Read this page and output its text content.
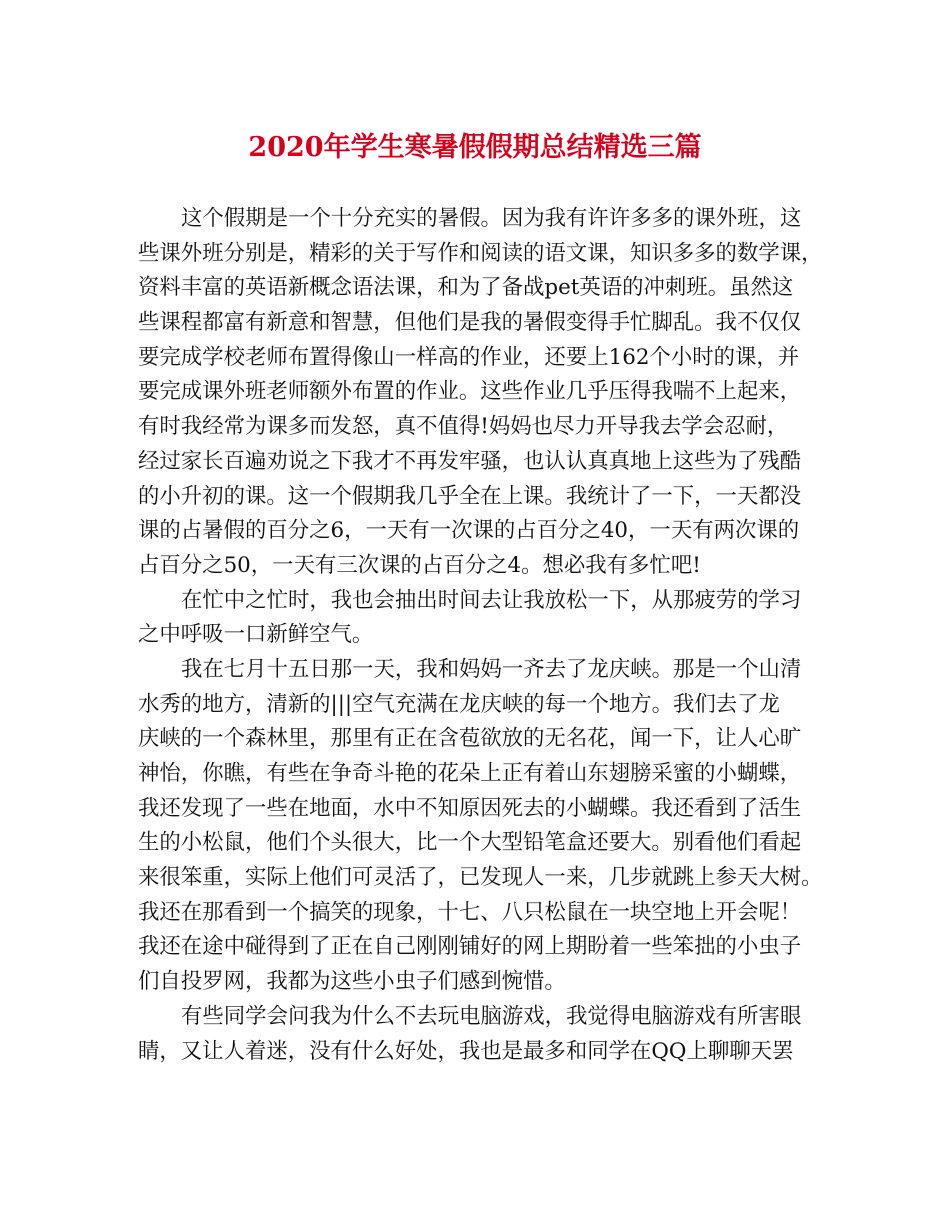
2020年学生寒暑假假期总结精选三篇
这个假期是一个十分充实的暑假。因为我有许许多多的课外班，这
些课外班分别是，精彩的关于写作和阅读的语文课，知识多多的数学课，
资料丰富的英语新概念语法课，和为了备战pet英语的冲刺班。虽然这
些课程都富有新意和智慧，但他们是我的暑假变得手忙脚乱。我不仅仅
要完成学校老师布置得像山一样高的作业，还要上162个小时的课，并
要完成课外班老师额外布置的作业。这些作业几乎压得我喘不上起来，
有时我经常为课多而发怒，真不值得!妈妈也尽力开导我去学会忍耐，
经过家长百遍劝说之下我才不再发牢骚，也认认真真地上这些为了残酷
的小升初的课。这一个假期我几乎全在上课。我统计了一下，一天都没
课的占暑假的百分之6，一天有一次课的占百分之40，一天有两次课的
占百分之50，一天有三次课的占百分之4。想必我有多忙吧!
在忙中之忙时，我也会抽出时间去让我放松一下，从那疲劳的学习
之中呼吸一口新鲜空气。
我在七月十五日那一天，我和妈妈一齐去了龙庆峡。那是一个山清
水秀的地方，清新的|||空气充满在龙庆峡的每一个地方。我们去了龙
庆峡的一个森林里，那里有正在含苞欲放的无名花，闻一下，让人心旷
神怡，你瞧，有些在争奇斗艳的花朵上正有着山东翅膀采蜜的小蝴蝶，
我还发现了一些在地面，水中不知原因死去的小蝴蝶。我还看到了活生
生的小松鼠，他们个头很大，比一个大型铅笔盒还要大。别看他们看起
来很笨重，实际上他们可灵活了，已发现人一来，几步就跳上参天大树。
我还在那看到一个搞笑的现象，十七、八只松鼠在一块空地上开会呢！
我还在途中碰得到了正在自己刚刚铺好的网上期盼着一些笨拙的小虫子
们自投罗网，我都为这些小虫子们感到惋惜。
有些同学会问我为什么不去玩电脑游戏，我觉得电脑游戏有所害眼
睛，又让人着迷，没有什么好处，我也是最多和同学在QQ上聊聊天罢
